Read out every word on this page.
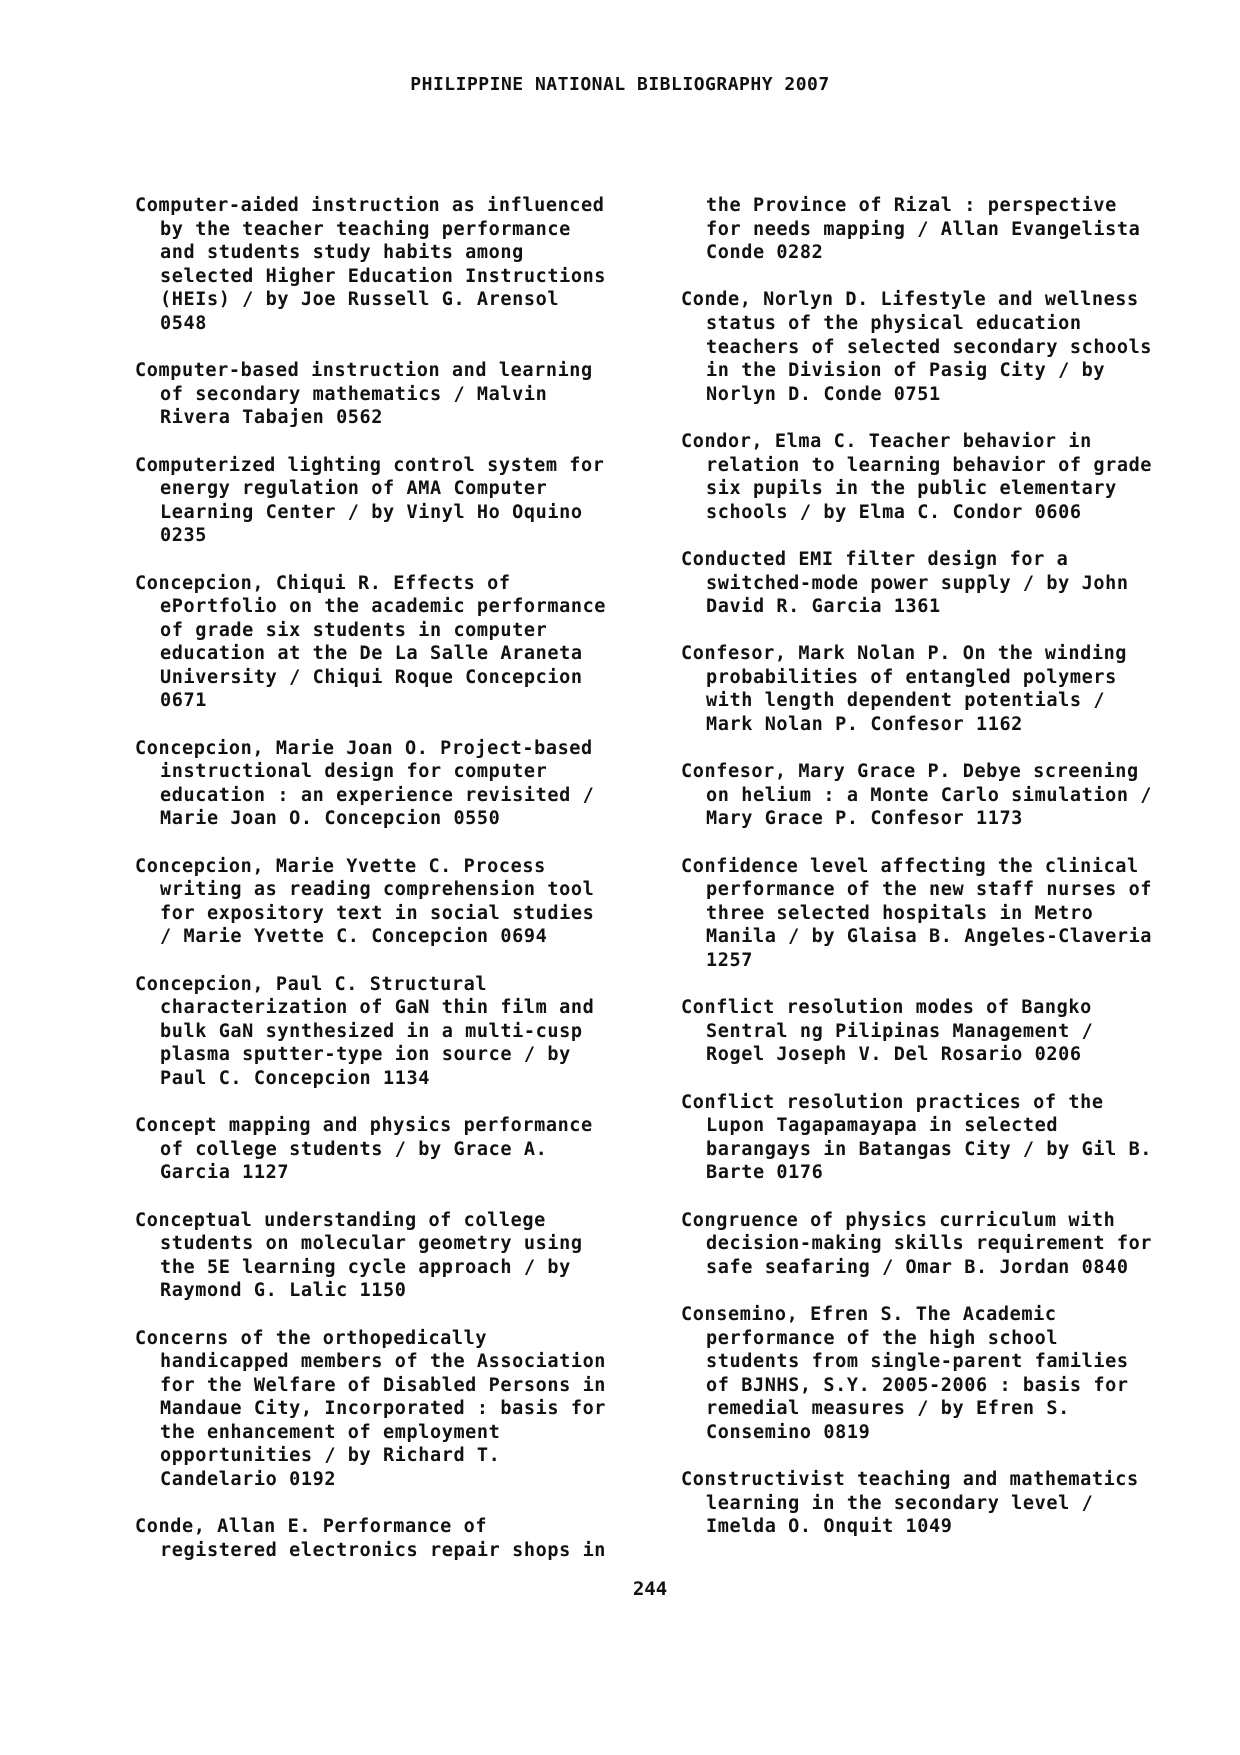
PHILIPPINE NATIONAL BIBLIOGRAPHY 2007

Computer-aided instruction as influenced
by the teacher teaching performance
and students study habits among
selected Higher Education Instructions
(HEIs) / by Joe Russell G. Arensol
0548

Computer-based instruction and learning
of secondary mathematics / Malvin
Rivera Tabajen 0562

Computerized lighting control system for
energy regulation of AMA Computer
Learning Center / by Vinyl Ho Oquino
0235

Concepcion, Chiqui R. Effects of
ePortfolio on the academic performance
of grade six students in computer
education at the De La Salle Araneta
University / Chiqui Roque Concepcion
0671

Concepcion, Marie Joan O. Project-based
instructional design for computer
education : an experience revisited /
Marie Joan O. Concepcion 0550

Concepcion, Marie Yvette C. Process
writing as reading comprehension tool
for expository text in social studies
/ Marie Yvette C. Concepcion 0694

Concepcion, Paul C. Structural
characterization of GaN thin film and
bulk GaN synthesized in a multi-cusp
plasma sputter-type ion source / by
Paul C. Concepcion 1134

Concept mapping and physics performance
of college students / by Grace A.
Garcia 1127

Conceptual understanding of college
students on molecular geometry using
the 5E learning cycle approach / by
Raymond G. Lalic 1150

Concerns of the orthopedically
handicapped members of the Association
for the Welfare of Disabled Persons in
Mandaue City, Incorporated : basis for
the enhancement of employment
opportunities / by Richard T.
Candelario 0192

Conde, Allan E. Performance of
registered electronics repair shops in

the Province of Rizal : perspective
for needs mapping / Allan Evangelista
Conde 0282

Conde, Norlyn D. Lifestyle and wellness
status of the physical education
teachers of selected secondary schools
in the Division of Pasig City / by
Norlyn D. Conde 0751

Condor, Elma C. Teacher behavior in
relation to learning behavior of grade
six pupils in the public elementary
schools / by Elma C. Condor 0606

Conducted EMI filter design for a
switched-mode power supply / by John
David R. Garcia 1361

Confesor, Mark Nolan P. On the winding
probabilities of entangled polymers
with length dependent potentials /
Mark Nolan P. Confesor 1162

Confesor, Mary Grace P. Debye screening
on helium : a Monte Carlo simulation /
Mary Grace P. Confesor 1173

Confidence level affecting the clinical
performance of the new staff nurses of
three selected hospitals in Metro
Manila / by Glaisa B. Angeles-Claveria
1257

Conflict resolution modes of Bangko
Sentral ng Pilipinas Management /
Rogel Joseph V. Del Rosario 0206

Conflict resolution practices of the
Lupon Tagapamayapa in selected
barangays in Batangas City / by Gil B.
Barte 0176

Congruence of physics curriculum with
decision-making skills requirement for
safe seafaring / Omar B. Jordan 0840

Consemino, Efren S. The Academic
performance of the high school
students from single-parent families
of BJNHS, S.Y. 2005-2006 : basis for
remedial measures / by Efren S.
Consemino 0819

Constructivist teaching and mathematics
learning in the secondary level /
Imelda O. Onquit 1049

244
